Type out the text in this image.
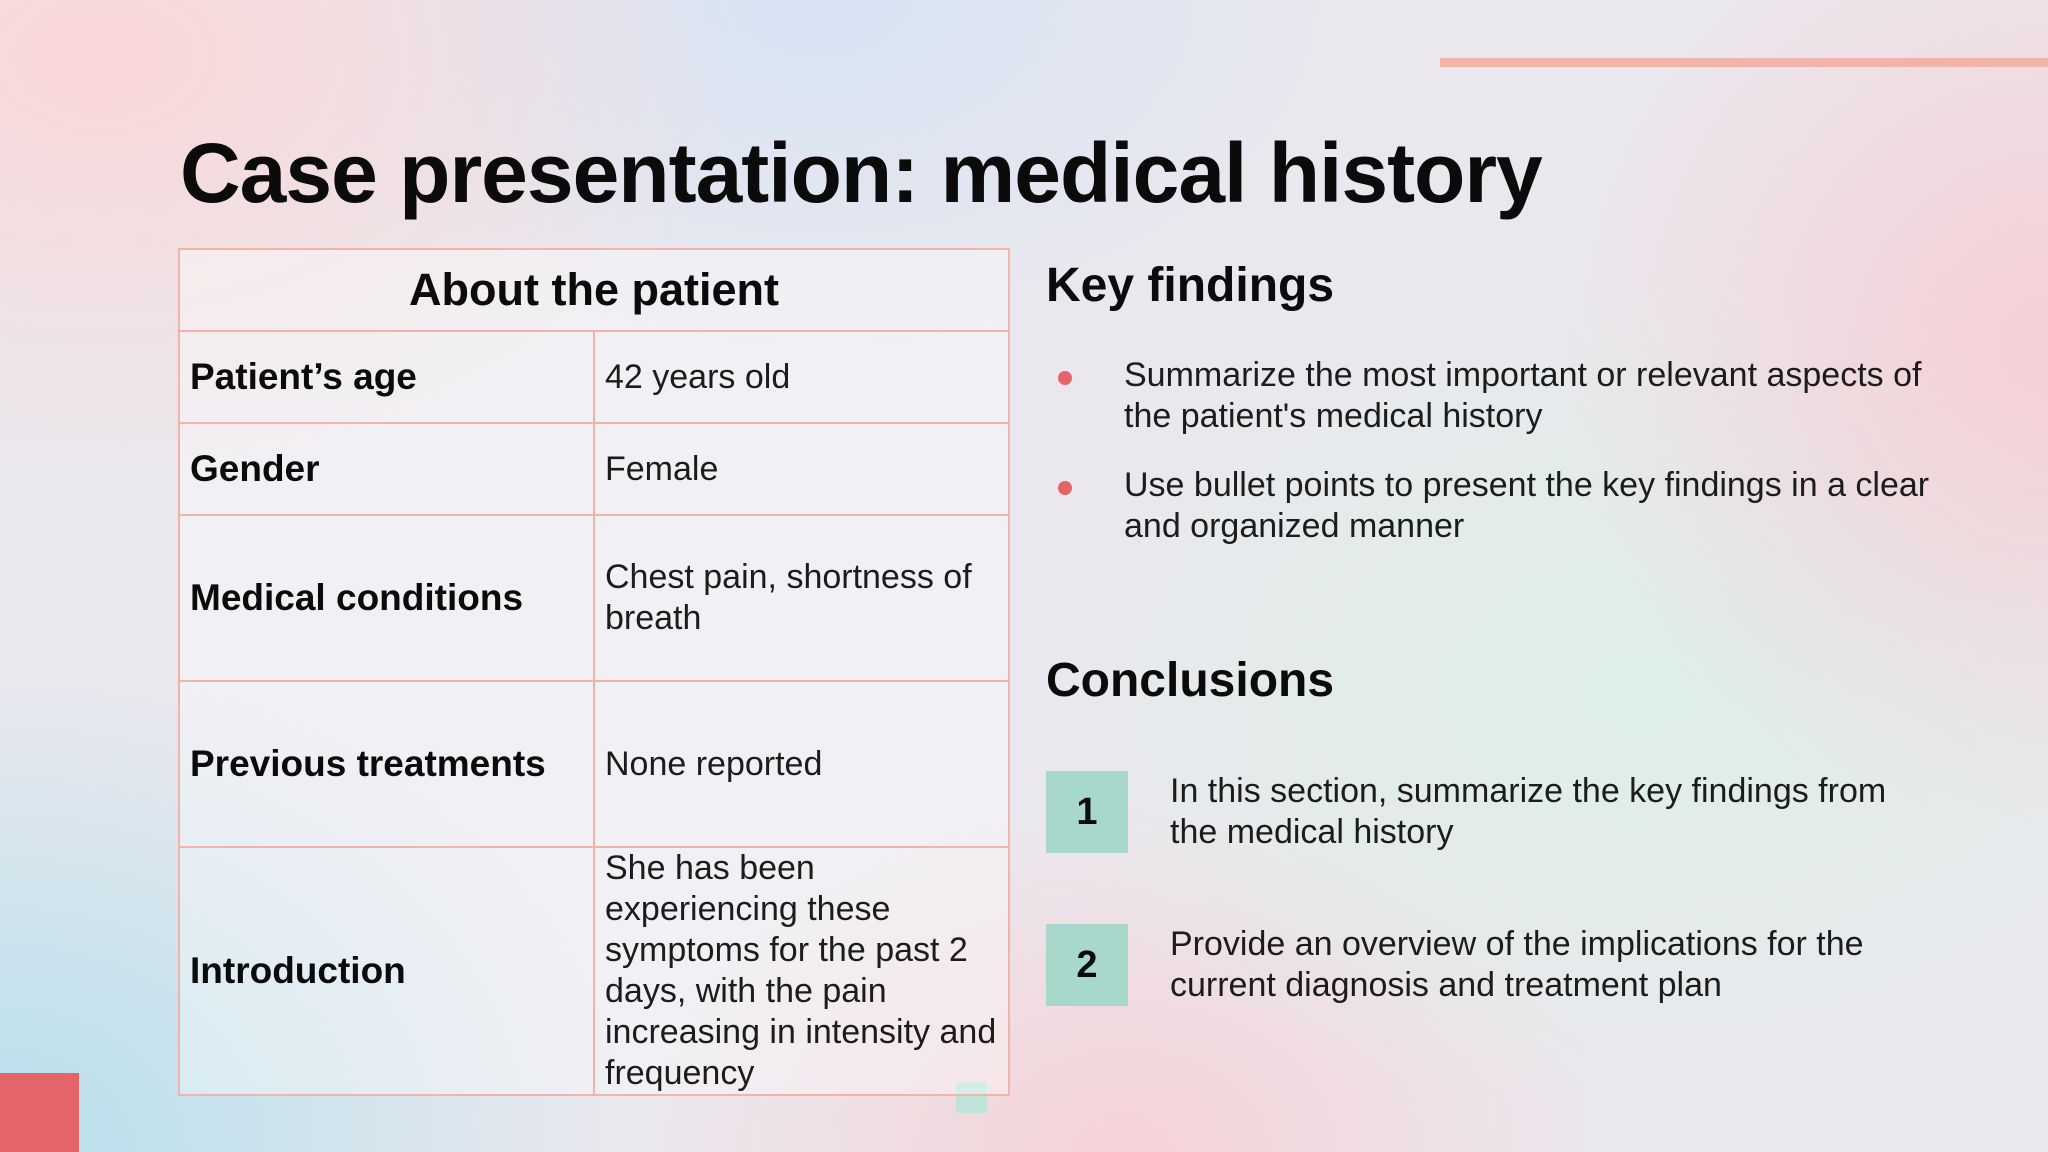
Case presentation: medical history
About the patient	
Patient’s age	42 years old
Gender	Female
Medical conditions	Chest pain, shortness of breath
Previous treatments	None reported
Introduction	She has been experiencing these symptoms for the past 2 days, with the pain increasing in intensity and frequency
Key findings
Summarize the most important or relevant aspects of the patient's medical history
Use bullet points to present the key findings in a clear and organized manner
Conclusions
1	In this section, summarize the key findings from the medical history
2	Provide an overview of the implications for the current diagnosis and treatment plan
